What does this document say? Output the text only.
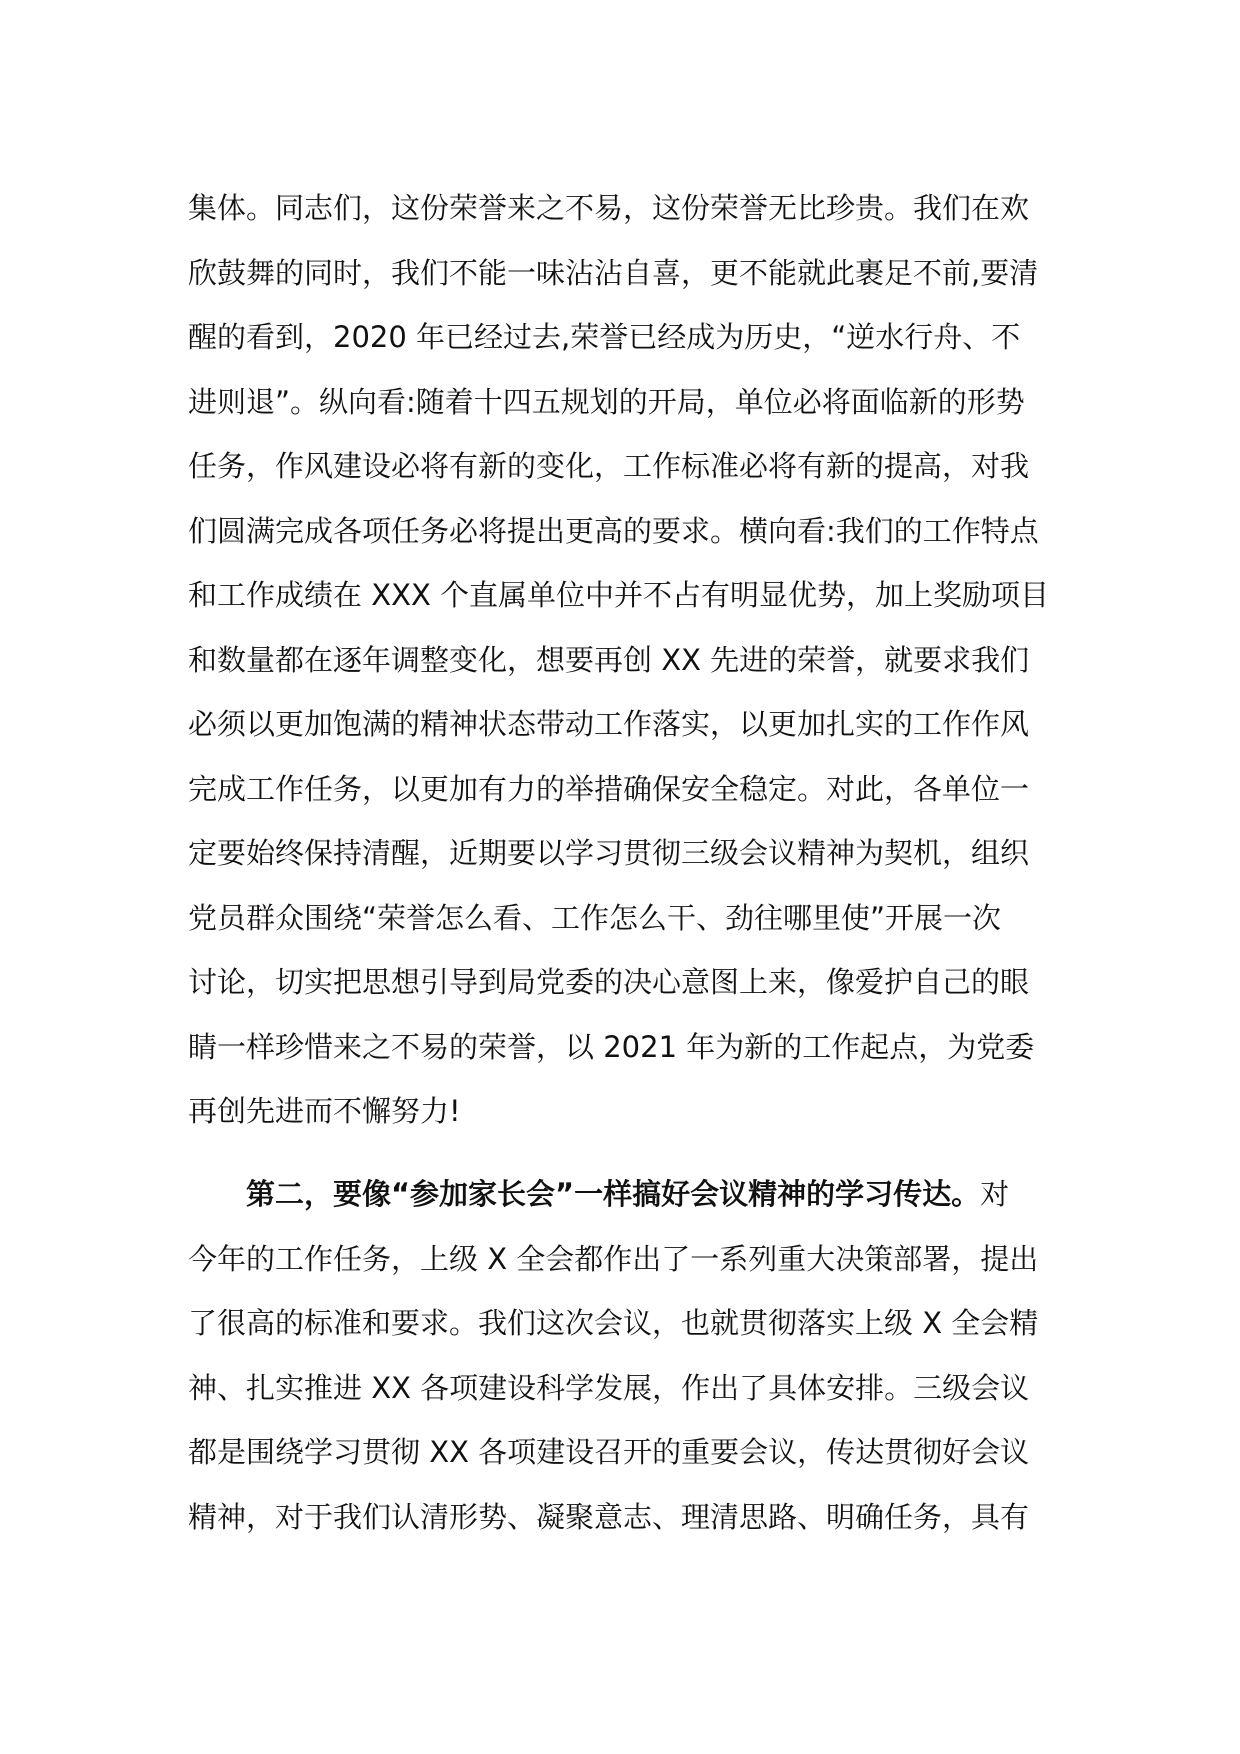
集体。同志们，这份荣誉来之不易，这份荣誉无比珍贵。我们在欢
欣鼓舞的同时，我们不能一味沾沾自喜，更不能就此裹足不前,要清
醒的看到，2020 年已经过去,荣誉已经成为历史，“逆水行舟、不
进则退”。纵向看:随着十四五规划的开局，单位必将面临新的形势
任务，作风建设必将有新的变化，工作标准必将有新的提高，对我
们圆满完成各项任务必将提出更高的要求。横向看:我们的工作特点
和工作成绩在 XXX 个直属单位中并不占有明显优势，加上奖励项目
和数量都在逐年调整变化，想要再创 XX 先进的荣誉，就要求我们
必须以更加饱满的精神状态带动工作落实，以更加扎实的工作作风
完成工作任务，以更加有力的举措确保安全稳定。对此，各单位一
定要始终保持清醒，近期要以学习贯彻三级会议精神为契机，组织
党员群众围绕“荣誉怎么看、工作怎么干、劲往哪里使”开展一次
讨论，切实把思想引导到局党委的决心意图上来，像爱护自己的眼
睛一样珍惜来之不易的荣誉，以 2021 年为新的工作起点，为党委
再创先进而不懈努力!
第二，要像“参加家长会”一样搞好会议精神的学习传达。对
今年的工作任务，上级 X 全会都作出了一系列重大决策部署，提出
了很高的标准和要求。我们这次会议，也就贯彻落实上级 X 全会精
神、扎实推进 XX 各项建设科学发展，作出了具体安排。三级会议
都是围绕学习贯彻 XX 各项建设召开的重要会议，传达贯彻好会议
精神，对于我们认清形势、凝聚意志、理清思路、明确任务，具有
